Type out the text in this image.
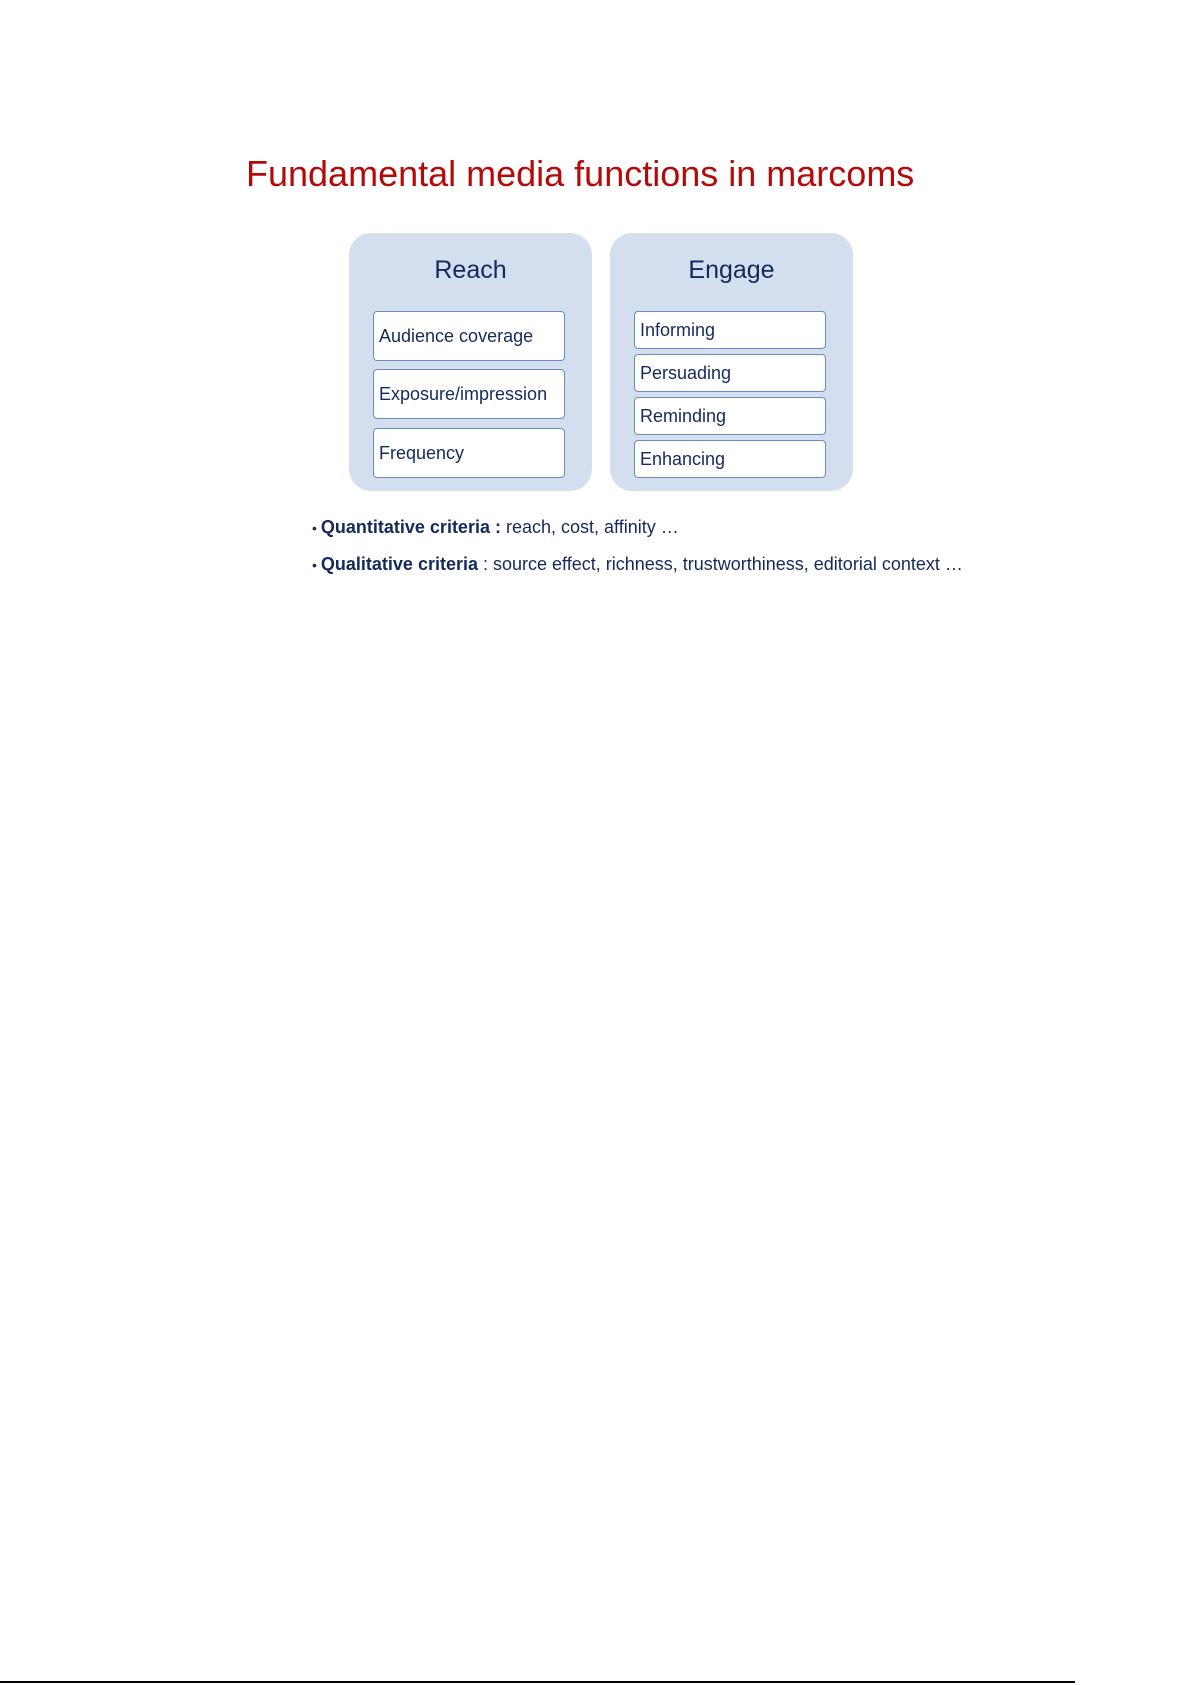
Fundamental media functions in marcoms
Reach
Audience coverage
Exposure/impression
Frequency
Engage
Informing
Persuading
Reminding
Enhancing
• Quantitative criteria : reach, cost, affinity …
• Qualitative criteria : source effect, richness, trustworthiness, editorial context …
